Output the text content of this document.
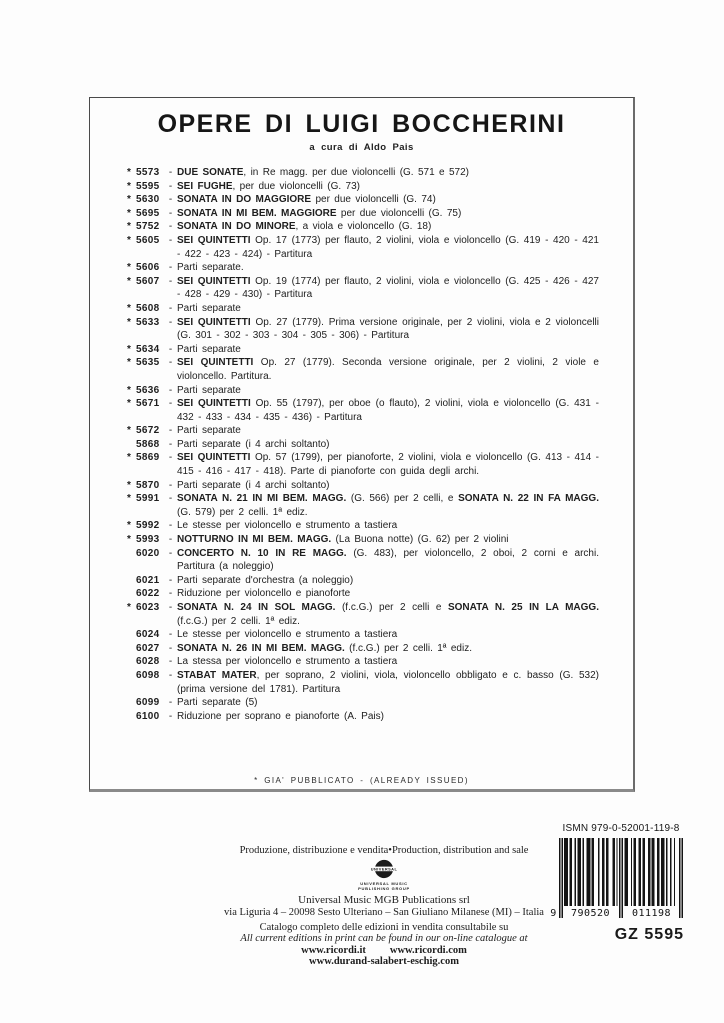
OPERE DI LUIGI BOCCHERINI
a cura di Aldo Pais
* 5573 - DUE SONATE, in Re magg. per due violoncelli (G. 571 e 572)
* 5595 - SEI FUGHE, per due violoncelli (G. 73)
* 5630 - SONATA IN DO MAGGIORE per due violoncelli (G. 74)
* 5695 - SONATA IN MI BEM. MAGGIORE per due violoncelli (G. 75)
* 5752 - SONATA IN DO MINORE, a viola e violoncello (G. 18)
* 5605 - SEI QUINTETTI Op. 17 (1773) per flauto, 2 violini, viola e violoncello (G. 419 - 420 - 421 - 422 - 423 - 424) - Partitura
* 5606 - Parti separate.
* 5607 - SEI QUINTETTI Op. 19 (1774) per flauto, 2 violini, viola e violoncello (G. 425 - 426 - 427 - 428 - 429 - 430) - Partitura
* 5608 - Parti separate
* 5633 - SEI QUINTETTI Op. 27 (1779). Prima versione originale, per 2 violini, viola e 2 violoncelli (G. 301 - 302 - 303 - 304 - 305 - 306) - Partitura
* 5634 - Parti separate
* 5635 - SEI QUINTETTI Op. 27 (1779). Seconda versione originale, per 2 violini, 2 viole e violoncello. Partitura.
* 5636 - Parti separate
* 5671 - SEI QUINTETTI Op. 55 (1797), per oboe (o flauto), 2 violini, viola e violoncello (G. 431 - 432 - 433 - 434 - 435 - 436) - Partitura
* 5672 - Parti separate
5868 - Parti separate (i 4 archi soltanto)
* 5869 - SEI QUINTETTI Op. 57 (1799), per pianoforte, 2 violini, viola e violoncello (G. 413 - 414 - 415 - 416 - 417 - 418). Parte di pianoforte con guida degli archi.
* 5870 - Parti separate (i 4 archi soltanto)
* 5991 - SONATA N. 21 IN MI BEM. MAGG. (G. 566) per 2 celli, e SONATA N. 22 IN FA MAGG. (G. 579) per 2 celli. 1ª ediz.
* 5992 - Le stesse per violoncello e strumento a tastiera
* 5993 - NOTTURNO IN MI BEM. MAGG. (La Buona notte) (G. 62) per 2 violini
6020 - CONCERTO N. 10 IN RE MAGG. (G. 483), per violoncello, 2 oboi, 2 corni e archi. Partitura (a noleggio)
6021 - Parti separate d'orchestra (a noleggio)
6022 - Riduzione per violoncello e pianoforte
* 6023 - SONATA N. 24 IN SOL MAGG. (f.c.G.) per 2 celli e SONATA N. 25 IN LA MAGG. (f.c.G.) per 2 celli. 1ª ediz.
6024 - Le stesse per violoncello e strumento a tastiera
6027 - SONATA N. 26 IN MI BEM. MAGG. (f.c.G.) per 2 celli. 1ª ediz.
6028 - La stessa per violoncello e strumento a tastiera
6098 - STABAT MATER, per soprano, 2 violini, viola, violoncello obbligato e c. basso (G. 532) (prima versione del 1781). Partitura
6099 - Parti separate (5)
6100 - Riduzione per soprano e pianoforte (A. Pais)
* GIA' PUBBLICATO - (ALREADY ISSUED)
Produzione, distribuzione e vendita•Production, distribution and sale
UNIVERSAL
UNIVERSAL MUSIC
PUBLISHING GROUP
Universal Music MGB Publications srl
via Liguria 4 – 20098 Sesto Ulteriano – San Giuliano Milanese (MI) – Italia
Catalogo completo delle edizioni in vendita consultabile su
All current editions in print can be found in our on-line catalogue at
www.ricordi.it www.ricordi.com
www.durand-salabert-eschig.com
ISMN 979-0-52001-119-8
9	790520	011198
GZ 5595
